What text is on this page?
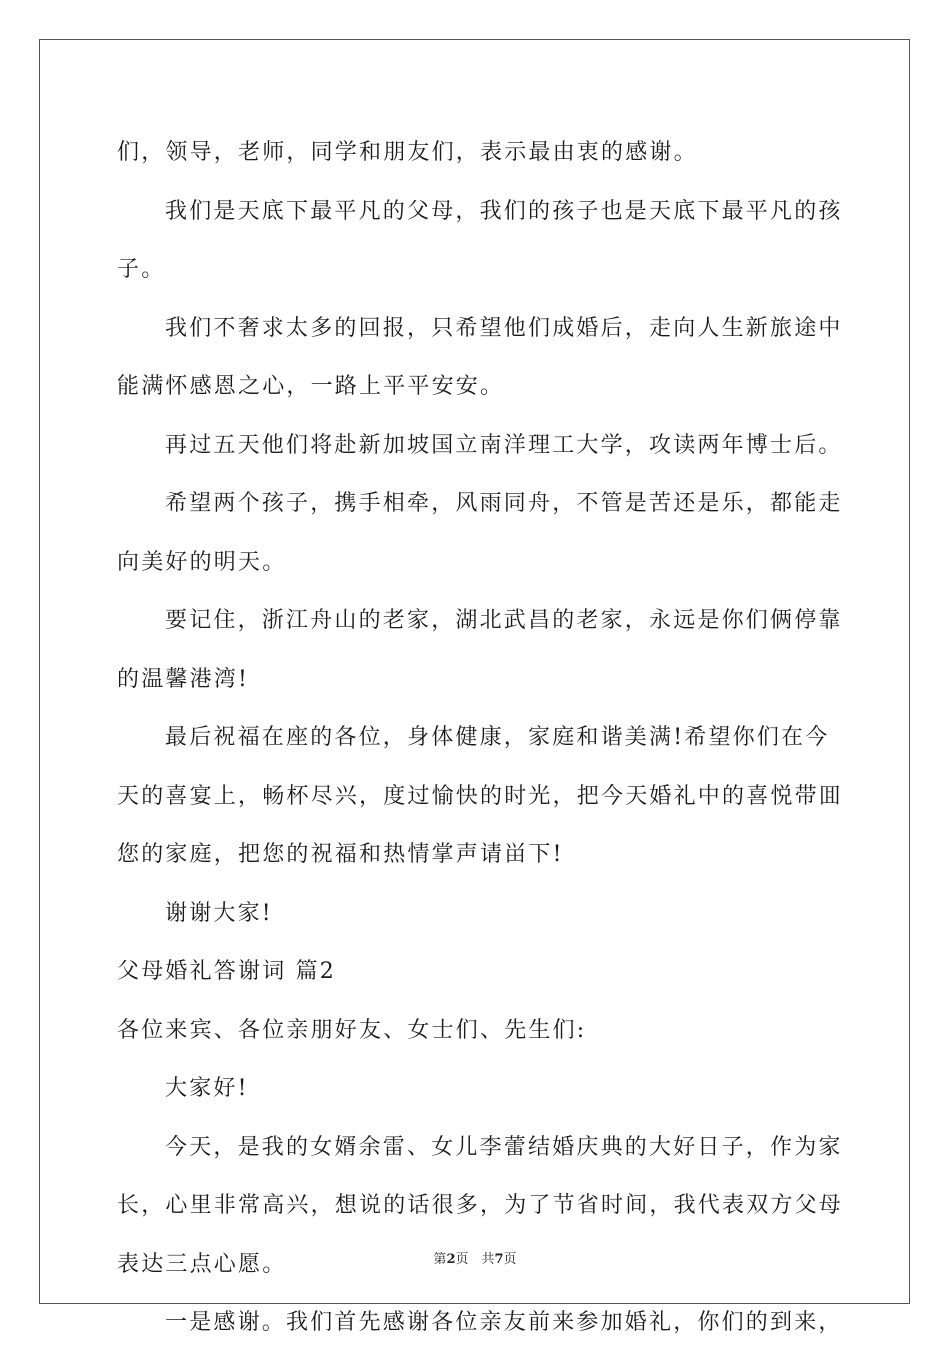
们，领导，老师，同学和朋友们，表示最由衷的感谢。
我们是天底下最平凡的父母，我们的孩子也是天底下最平凡的孩
子。
我们不奢求太多的回报，只希望他们成婚后，走向人生新旅途中
能满怀感恩之心，一路上平平安安。
再过五天他们将赴新加坡国立南洋理工大学，攻读两年博士后。
希望两个孩子，携手相牵，风雨同舟，不管是苦还是乐，都能走
向美好的明天。
要记住，浙江舟山的老家，湖北武昌的老家，永远是你们俩停靠
的温馨港湾!
最后祝福在座的各位，身体健康，家庭和谐美满!希望你们在今
天的喜宴上，畅杯尽兴，度过愉快的时光，把今天婚礼中的喜悦带囬
您的家庭，把您的祝福和热情掌声请畄下!
谢谢大家!
父母婚礼答谢词 篇2
各位来宾、各位亲朋好友、女士们、先生们:
大家好!
今天，是我的女婿余雷、女儿李蕾结婚庆典的大好日子，作为家
长，心里非常高兴，想说的话很多，为了节省时间，我代表双方父母
表达三点心愿。
一是感谢。我们首先感谢各位亲友前来参加婚礼，你们的到来，
第2页　共7页
